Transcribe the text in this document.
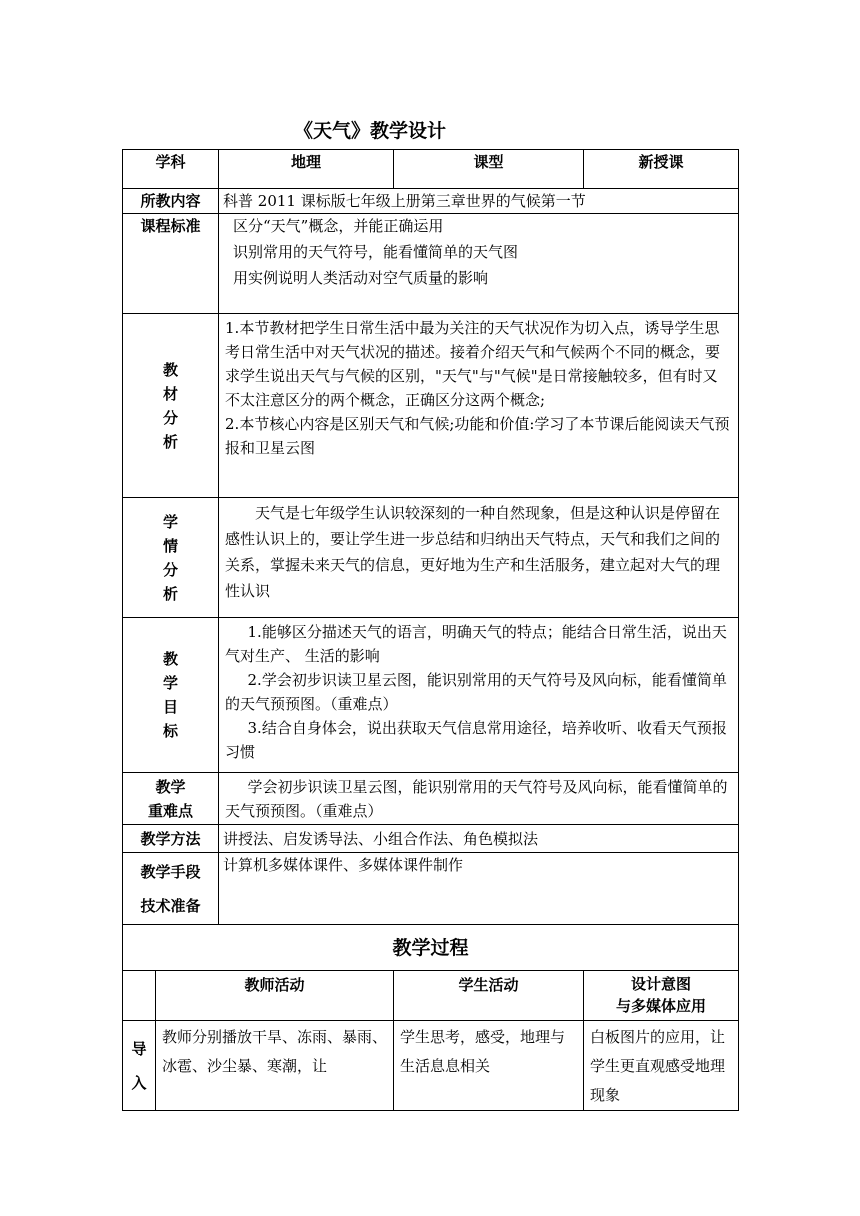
《天气》教学设计
学科		地理	课型	新授课
所教内容		科普 2011 课标版七年级上册第三章世界的气候第一节		
课程标准		区分“天气”概念，并能正确运用
识别常用的天气符号，能看懂简单的天气图
用实例说明人类活动对空气质量的影响		

教
材
分
析		1.本节教材把学生日常生活中最为关注的天气状况作为切入点，诱导学生思考日常生活中对天气状况的描述。接着介绍天气和气候两个不同的概念，要求学生说出天气与气候的区别，"天气"与"气候"是日常接触较多，但有时又不太注意区分的两个概念，正确区分这两个概念;
2.本节核心内容是区别天气和气候;功能和价值:学习了本节课后能阅读天气预报和卫星云图		

学
情
分
析		天气是七年级学生认识较深刻的一种自然现象，但是这种认识是停留在感性认识上的，要让学生进一步总结和归纳出天气特点，天气和我们之间的关系，掌握未来天气的信息，更好地为生产和生活服务，建立起对大气的理性认识		

教
学
目
标		1.能够区分描述天气的语言，明确天气的特点；能结合日常生活，说出天气对生产、 生活的影响
2.学会初步识读卫星云图，能识别常用的天气符号及风向标，能看懂简单的天气预预图。（重难点）
3.结合自身体会，说出获取天气信息常用途径，培养收听、收看天气预报习惯		

教学
重难点		学会初步识读卫星云图，能识别常用的天气符号及风向标，能看懂简单的天气预预图。（重难点）		

教学方法		讲授法、启发诱导法、小组合作法、角色模拟法		

教学手段
技术准备		计算机多媒体课件、多媒体课件制作		
教学过程				
	教师活动		学生活动	设计意图
与多媒体应用

导
入	教师分别播放干旱、冻雨、暴雨、冰雹、沙尘暴、寒潮，让		学生思考，感受，地理与生活息息相关	白板图片的应用，让学生更直观感受地理现象
